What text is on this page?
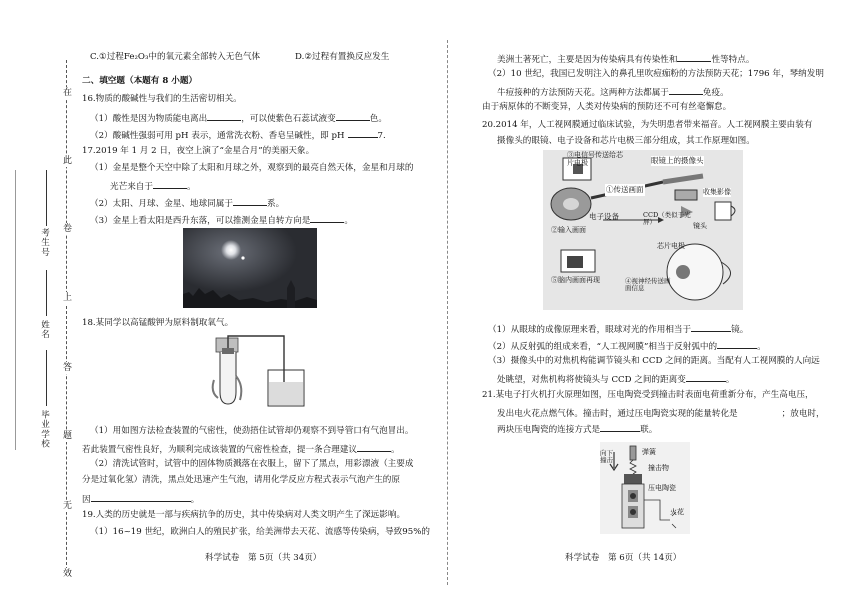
在
此
卷
上
答
题
无
效
考生号
姓名
毕业学校
C.①过程Fe₂O₃中的氧元素全部转入无色气体	D.②过程有置换反应发生
二、填空题（本题有 8 小题）
16.物质的酸碱性与我们的生活密切相关。
（1）酸性是因为物质能电离出	，可以使紫色石蕊试液变	色。
（2）酸碱性强弱可用 pH 表示，通常洗衣粉、香皂呈碱性，即 pH	7.
17.2019 年 1 月 2 日，夜空上演了“金星合月”的美丽天象。
（1）金星是整个天空中除了太阳和月球之外，观察到的最亮自然天体，金星和月球的
光芒来自于	。
（2）太阳、月球、金星、地球同属于	系。
（3）金星上看太阳是西升东落，可以推测金星自转方向是	。
18.某同学以高锰酸钾为原料制取氧气。
（1）用如图方法检查装置的气密性，使劲捂住试管却仍观察不到导管口有气泡冒出。
若此装置气密性良好，为顺利完成该装置的气密性检查，提一条合理建议	。
（2）清洗试管时，试管中的固体物质溅落在衣服上，留下了黑点，用彩漂液（主要成
分是过氧化氢）清洗，黑点处迅速产生气泡，请用化学反应方程式表示气泡产生的原
因	。
19.人类的历史就是一部与疾病抗争的历史，其中传染病对人类文明产生了深远影响。
（1）16~19 世纪，欧洲白人的殖民扩张，给美洲带去天花、流感等传染病，导致95%的
科学试卷　第 5页（共 34页）
美洲土著死亡，主要是因为传染病具有传染性和	性等特点。
（2）10 世纪，我国已发明注入的鼻孔里吹痘痂粉的方法预防天花；1796 年，琴纳发明
牛痘接种的方法预防天花。这两种方法都属于	免疫。
由于病原体的不断变异，人类对传染病的预防还不可有丝毫懈怠。
20.2014 年，人工视网膜通过临床试验，为失明患者带来福音。人工视网膜主要由装有
摄像头的眼镜、电子设备和芯片电极三部分组成，其工作原理如图。
③电信号传送给芯片电极	眼镜上的摄像头
①传送画面
电子设备
收集影像
CCD（类似于光屏）
②输入画面	镜头
芯片电极
⑤脑内画面再现	④视神经传送画面信息
（1）从眼球的成像原理来看，眼球对光的作用相当于	镜。
（2）从反射弧的组成来看，“人工视网膜”相当于反射弧中的	。
（3）摄像头中的对焦机构能调节镜头和 CCD 之间的距离。当配有人工视网膜的人向远
处眺望，对焦机构将使镜头与 CCD 之间的距离变	。
21.某电子打火机打火原理如图，压电陶瓷受到撞击时表面电荷重新分布，产生高电压，
发出电火花点燃气体。撞击时，通过压电陶瓷实现的能量转化是	；放电时，
两块压电陶瓷的连接方式是	联。
向下撞击
弹簧
撞击物
压电陶瓷
火花
科学试卷　第 6页（共 14页）
